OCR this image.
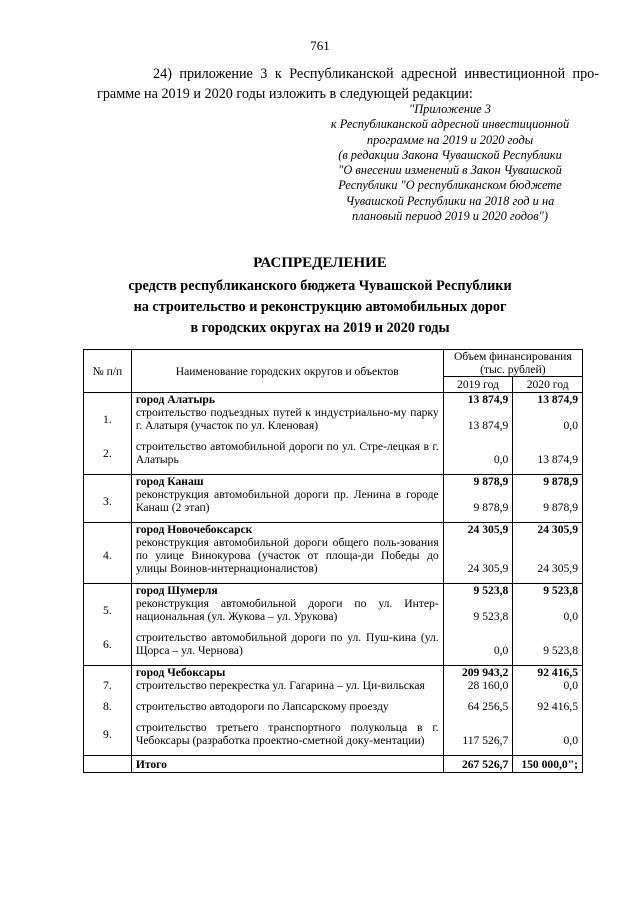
761
24) приложение 3 к Республиканской адресной инвестиционной про-
грамме на 2019 и 2020 годы изложить в следующей редакции:
"Приложение 3
к Республиканской адресной инвестиционной
программе на 2019 и 2020 годы
(в редакции Закона Чувашской Республики
"О внесении изменений в Закон Чувашской
Республики "О республиканском бюджете
Чувашской Республики на 2018 год и на
плановый период 2019 и 2020 годов")
РАСПРЕДЕЛЕНИЕ
средств республиканского бюджета Чувашской Республики
на строительство и реконструкцию автомобильных дорог
в городских округах на 2019 и 2020 годы
№ п/п	Наименование городских округов и объектов	Объем финансирования (тыс. рублей)	
		2019 год	2020 год
	город Алатырь	13 874,9	13 874,9
1.	строительство подъездных путей к индустриально-му парку г. Алатыря (участок по ул. Кленовая)	13 874,9	0,0

2.	строительство автомобильной дороги по ул. Стре-лецкая в г. Алатырь	0,0	13 874,9

	город Канаш	9 878,9	9 878,9
3.	реконструкция автомобильной дороги пр. Ленина в городе Канаш (2 этап)	9 878,9	9 878,9

	город Новочебоксарск	24 305,9	24 305,9
4.	реконструкция автомобильной дороги общего поль-зования по улице Винокурова (участок от площа-ди Победы до улицы Воинов-интернационалистов)	24 305,9	24 305,9

	город Шумерля	9 523,8	9 523,8
5.	реконструкция автомобильной дороги по ул. Интер-национальная (ул. Жукова – ул. Урукова)	9 523,8	0,0

6.	строительство автомобильной дороги по ул. Пуш-кина (ул. Щорса – ул. Чернова)	0,0	9 523,8

	город Чебоксары	209 943,2	92 416,5
7.	строительство перекрестка ул. Гагарина – ул. Ци-вильская	28 160,0	0,0

8.	строительство автодороги по Лапсарскому проезду	64 256,5	92 416,5

9.	строительство третьего транспортного полукольца в г. Чебоксары (разработка проектно-сметной доку-ментации)	117 526,7	0,0

	Итого	267 526,7	150 000,0";
